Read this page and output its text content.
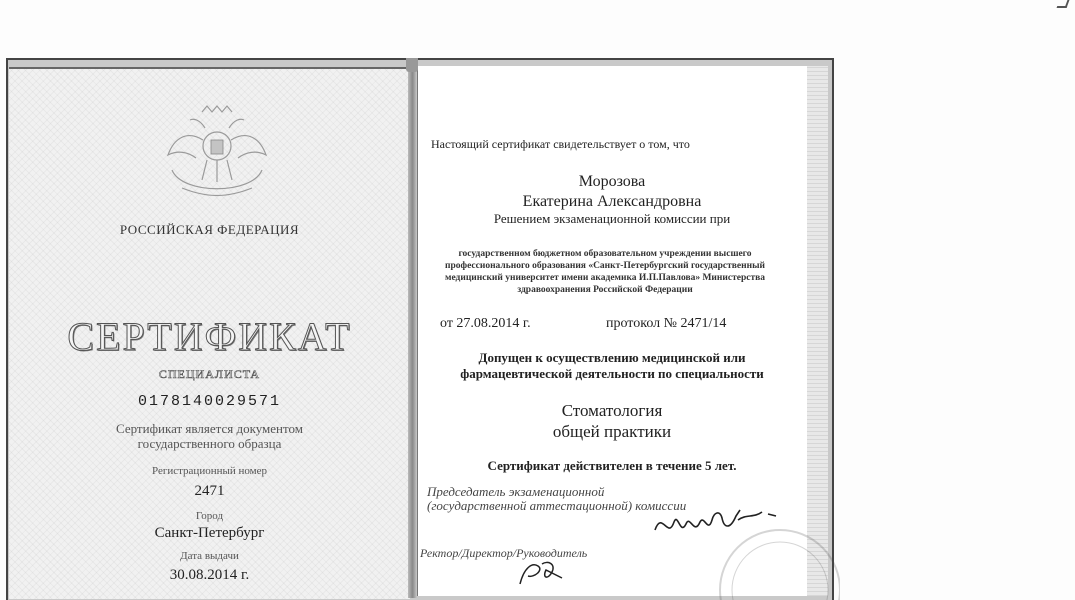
РОССИЙСКАЯ ФЕДЕРАЦИЯ
СЕРТИФИКАТ
СПЕЦИАЛИСТА
0178140029571
Сертификат является документом
государственного образца
Регистрационный номер
2471
Город
Санкт-Петербург
Дата выдачи
30.08.2014 г.
Настоящий сертификат свидетельствует о том, что
Морозова
Екатерина Александровна
Решением экзаменационной комиссии при
государственном бюджетном образовательном учреждении высшего
профессионального образования «Санкт-Петербургский государственный
медицинский университет имени академика И.П.Павлова» Министерства
здравоохранения Российской Федерации
от 27.08.2014 г.	протокол № 2471/14
Допущен к осуществлению медицинской или
фармацевтической деятельности по специальности
Стоматология
общей практики
Сертификат действителен в течение 5 лет.
Председатель экзаменационной
(государственной аттестационной) комиссии
Ректор/Директор/Руководитель
